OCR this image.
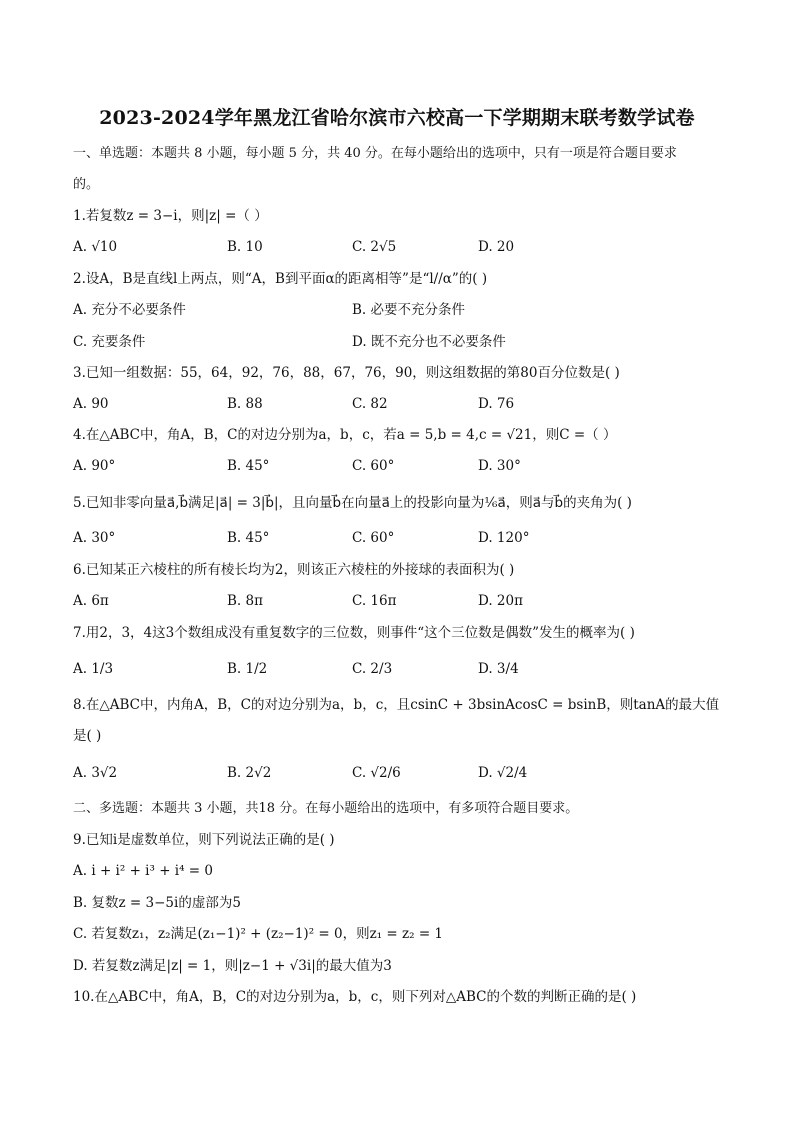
2023-2024学年黑龙江省哈尔滨市六校高一下学期期末联考数学试卷
一、单选题：本题共 8 小题，每小题 5 分，共 40 分。在每小题给出的选项中，只有一项是符合题目要求
的。
1.若复数z = 3−i，则|z| =（ ）
A. √10	B. 10	C. 2√5	D. 20
2.设A，B是直线l上两点，则“A，B到平面α的距离相等”是“l//α”的( )
A. 充分不必要条件	B. 必要不充分条件
C. 充要条件	D. 既不充分也不必要条件
3.已知一组数据：55，64，92，76，88，67，76，90，则这组数据的第80百分位数是( )
A. 90	B. 88	C. 82	D. 76
4.在△ABC中，角A，B，C的对边分别为a，b，c，若a = 5,b = 4,c = √21，则C =（ ）
A. 90°	B. 45°	C. 60°	D. 30°
5.已知非零向量a⃗,b⃗满足|a⃗| = 3|b⃗|，且向量b⃗在向量a⃗上的投影向量为¹⁄₆a⃗，则a⃗与b⃗的夹角为( )
A. 30°	B. 45°	C. 60°	D. 120°
6.已知某正六棱柱的所有棱长均为2，则该正六棱柱的外接球的表面积为( )
A. 6π	B. 8π	C. 16π	D. 20π
7.用2，3，4这3个数组成没有重复数字的三位数，则事件“这个三位数是偶数”发生的概率为( )
A. 1/3	B. 1/2	C. 2/3	D. 3/4
8.在△ABC中，内角A，B，C的对边分别为a，b，c，且csinC + 3bsinAcosC = bsinB，则tanA的最大值
是( )
A. 3√2	B. 2√2	C. √2/6	D. √2/4
二、多选题：本题共 3 小题，共18 分。在每小题给出的选项中，有多项符合题目要求。
9.已知i是虚数单位，则下列说法正确的是( )
A. i + i² + i³ + i⁴ = 0
B. 复数z = 3−5i的虚部为5
C. 若复数z₁，z₂满足(z₁−1)² + (z₂−1)² = 0，则z₁ = z₂ = 1
D. 若复数z满足|z| = 1，则|z−1 + √3i|的最大值为3
10.在△ABC中，角A，B，C的对边分别为a，b，c，则下列对△ABC的个数的判断正确的是( )
